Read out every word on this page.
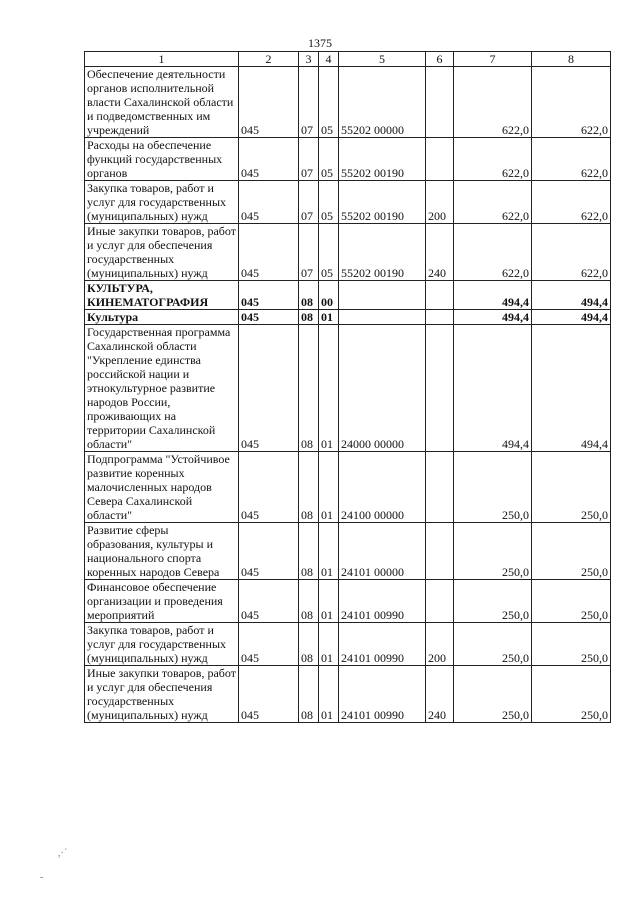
1375
1	2	3	4	5	6	7	8
Обеспечение деятельности органов исполнительной власти Сахалинской области и подведомственных им учреждений	045	07	05	55202 00000		622,0	622,0
Расходы на обеспечение функций государственных органов	045	07	05	55202 00190		622,0	622,0
Закупка товаров, работ и услуг для государственных (муниципальных) нужд	045	07	05	55202 00190	200	622,0	622,0
Иные закупки товаров, работ и услуг для обеспечения государственных (муниципальных) нужд	045	07	05	55202 00190	240	622,0	622,0
КУЛЬТУРА, КИНЕМАТОГРАФИЯ	045	08	00			494,4	494,4
Культура	045	08	01			494,4	494,4
Государственная программа Сахалинской области "Укрепление единства российской нации и этнокультурное развитие народов России, проживающих на территории Сахалинской области"	045	08	01	24000 00000		494,4	494,4
Подпрограмма "Устойчивое развитие коренных малочисленных народов Севера Сахалинской области"	045	08	01	24100 00000		250,0	250,0
Развитие сферы образования, культуры и национального спорта коренных народов Севера	045	08	01	24101 00000		250,0	250,0
Финансовое обеспечение организации и проведения мероприятий	045	08	01	24101 00990		250,0	250,0
Закупка товаров, работ и услуг для государственных (муниципальных) нужд	045	08	01	24101 00990	200	250,0	250,0
Иные закупки товаров, работ и услуг для обеспечения государственных (муниципальных) нужд	045	08	01	24101 00990	240	250,0	250,0
,·´
-
